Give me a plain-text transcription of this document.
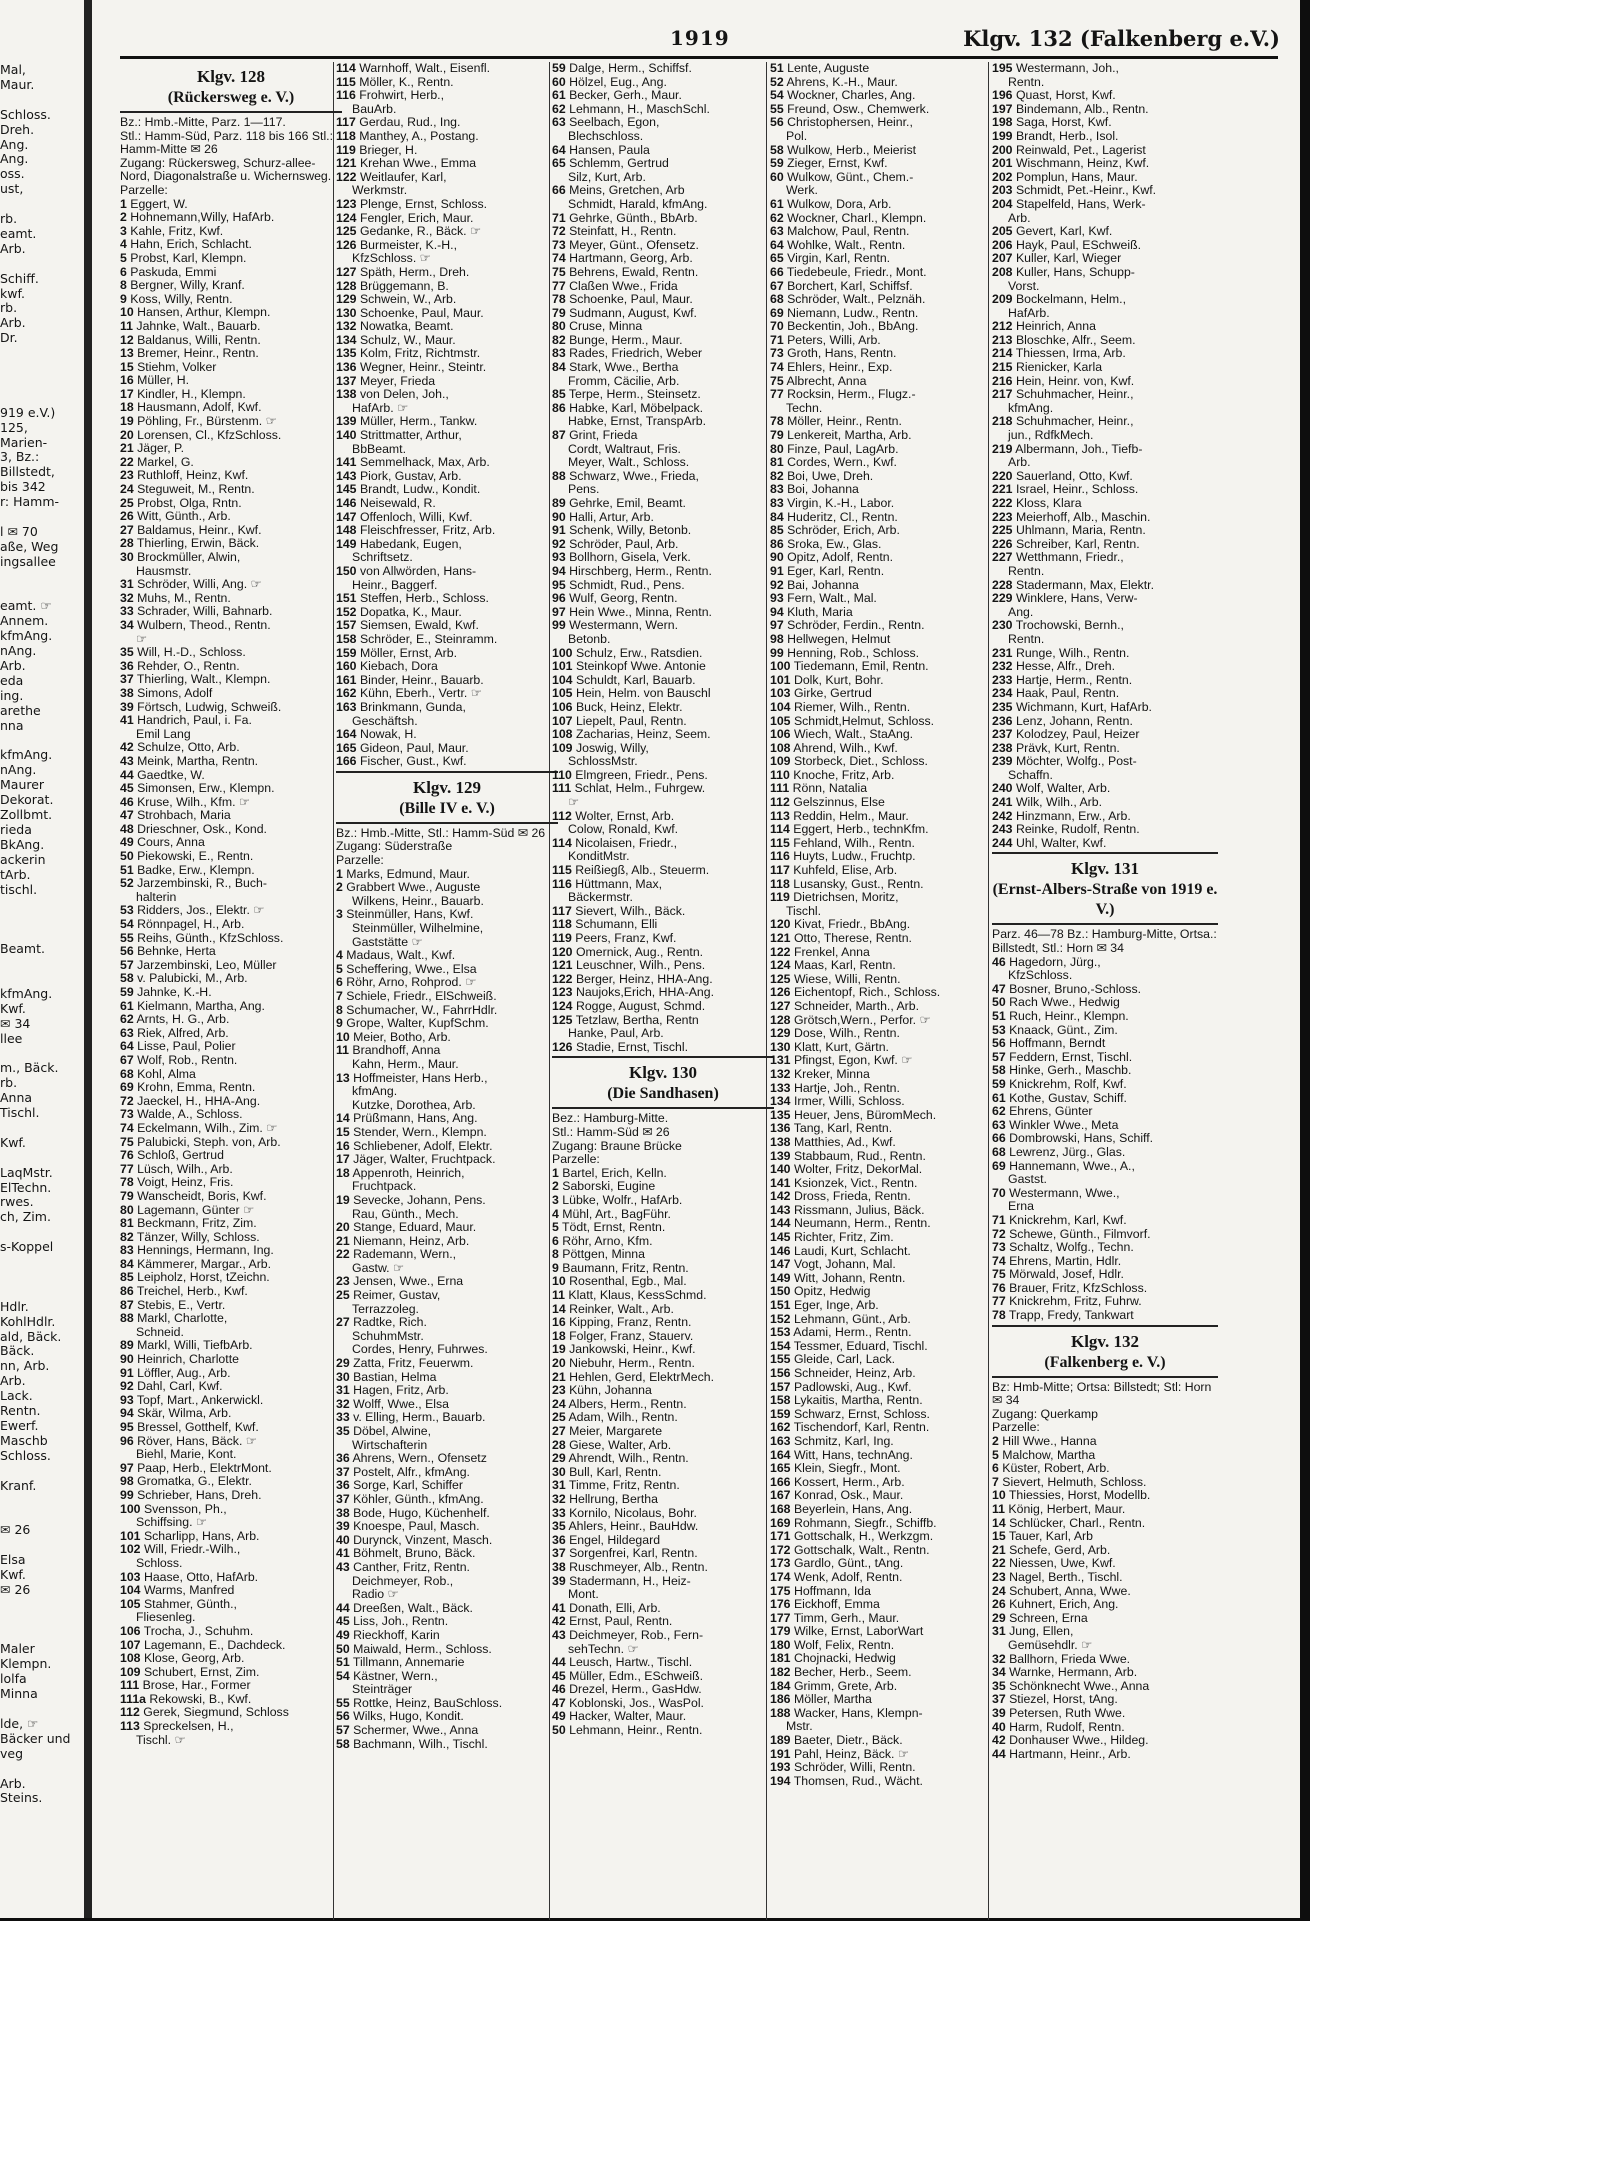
Mal,
Maur.
Schloss.
Dreh.
Ang.
Ang.
oss.
ust,
rb.
eamt.
Arb.
Schiff.
kwf.
rb.
Arb.
Dr.
919 e.V.)
125,
Marien-
3, Bz.:
Billstedt,
bis 342
r: Hamm-
l ✉ 70
aße, Weg
ingsallee
eamt. ☞
Annem.
kfmAng.
nAng.
Arb.
eda
ing.
arethe
nna
kfmAng.
nAng.
Maurer
Dekorat.
Zollbmt.
rieda
BkAng.
ackerin
tArb.
tischl.
Beamt.
kfmAng.
Kwf.
✉ 34
llee
m., Bäck.
rb.
Anna
Tischl.
Kwf.
LaqMstr.
ElTechn.
rwes.
ch, Zim.
s-Koppel
Hdlr.
KohlHdlr.
ald, Bäck.
Bäck.
nn, Arb.
Arb.
Lack.
Rentn.
Ewerf.
Maschb
Schloss.
Kranf.
✉ 26
Elsa
Kwf.
✉ 26
Maler
Klempn.
lolfa
Minna
lde, ☞
Bäcker und
veg
Arb.
Steins.
1919	Klgv. 132 (Falkenberg e.V.)
Klgv. 128
(Rückersweg e. V.)
Bz.: Hmb.-Mitte, Parz. 1—117.
Stl.: Hamm-Süd, Parz. 118 bis 166 Stl.: Hamm-Mitte ✉ 26
Zugang: Rückersweg, Schurz-allee-Nord, Diagonalstraße u. Wichernsweg.
Parzelle:
1 Eggert, W.
2 Hohnemann,Willy, HafArb.
3 Kahle, Fritz, Kwf.
4 Hahn, Erich, Schlacht.
5 Probst, Karl, Klempn.
6 Paskuda, Emmi
8 Bergner, Willy, Kranf.
9 Koss, Willy, Rentn.
10 Hansen, Arthur, Klempn.
11 Jahnke, Walt., Bauarb.
12 Baldanus, Willi, Rentn.
13 Bremer, Heinr., Rentn.
15 Stiehm, Volker
16 Müller, H.
17 Kindler, H., Klempn.
18 Hausmann, Adolf, Kwf.
19 Pöhling, Fr., Bürstenm. ☞
20 Lorensen, Cl., KfzSchloss.
21 Jäger, P.
22 Markel, G.
23 Ruthloff, Heinz, Kwf.
24 Steguweit, M., Rentn.
25 Probst, Olga, Rntn.
26 Witt, Günth., Arb.
27 Baldamus, Heinr., Kwf.
28 Thierling, Erwin, Bäck.
30 Brockmüller, Alwin,
Hausmstr.
31 Schröder, Willi, Ang. ☞
32 Muhs, M., Rentn.
33 Schrader, Willi, Bahnarb.
34 Wulbern, Theod., Rentn.
☞
35 Will, H.-D., Schloss.
36 Rehder, O., Rentn.
37 Thierling, Walt., Klempn.
38 Simons, Adolf
39 Förtsch, Ludwig, Schweiß.
41 Handrich, Paul, i. Fa.
Emil Lang
42 Schulze, Otto, Arb.
43 Meink, Martha, Rentn.
44 Gaedtke, W.
45 Simonsen, Erw., Klempn.
46 Kruse, Wilh., Kfm. ☞
47 Strohbach, Maria
48 Drieschner, Osk., Kond.
49 Cours, Anna
50 Piekowski, E., Rentn.
51 Badke, Erw., Klempn.
52 Jarzembinski, R., Buch-
halterin
53 Ridders, Jos., Elektr. ☞
54 Rönnpagel, H., Arb.
55 Reihs, Günth., KfzSchloss.
56 Behnke, Herta
57 Jarzembinski, Leo, Müller
58 v. Palubicki, M., Arb.
59 Jahnke, K.-H.
61 Kielmann, Martha, Ang.
62 Arnts, H. G., Arb.
63 Riek, Alfred, Arb.
64 Lisse, Paul, Polier
67 Wolf, Rob., Rentn.
68 Kohl, Alma
69 Krohn, Emma, Rentn.
72 Jaeckel, H., HHA-Ang.
73 Walde, A., Schloss.
74 Eckelmann, Wilh., Zim. ☞
75 Palubicki, Steph. von, Arb.
76 Schloß, Gertrud
77 Lüsch, Wilh., Arb.
78 Voigt, Heinz, Fris.
79 Wanscheidt, Boris, Kwf.
80 Lagemann, Günter ☞
81 Beckmann, Fritz, Zim.
82 Tänzer, Willy, Schloss.
83 Hennings, Hermann, Ing.
84 Kämmerer, Margar., Arb.
85 Leipholz, Horst, tZeichn.
86 Treichel, Herb., Kwf.
87 Stebis, E., Vertr.
88 Markl, Charlotte,
Schneid.
89 Markl, Willi, TiefbArb.
90 Heinrich, Charlotte
91 Löffler, Aug., Arb.
92 Dahl, Carl, Kwf.
93 Topf, Mart., Ankerwickl.
94 Skär, Wilma, Arb.
95 Bressel, Gotthelf, Kwf.
96 Röver, Hans, Bäck. ☞
Biehl, Marie, Kont.
97 Paap, Herb., ElektrMont.
98 Gromatka, G., Elektr.
99 Schrieber, Hans, Dreh.
100 Svensson, Ph.,
Schiffsing. ☞
101 Scharlipp, Hans, Arb.
102 Will, Friedr.-Wilh.,
Schloss.
103 Haase, Otto, HafArb.
104 Warms, Manfred
105 Stahmer, Günth.,
Fliesenleg.
106 Trocha, J., Schuhm.
107 Lagemann, E., Dachdeck.
108 Klose, Georg, Arb.
109 Schubert, Ernst, Zim.
111 Brose, Har., Former
111a Rekowski, B., Kwf.
112 Gerek, Siegmund, Schloss
113 Spreckelsen, H.,
Tischl. ☞
114 Warnhoff, Walt., Eisenfl.
115 Möller, K., Rentn.
116 Frohwirt, Herb.,
BauArb.
117 Gerdau, Rud., Ing.
118 Manthey, A., Postang.
119 Brieger, H.
121 Krehan Wwe., Emma
122 Weitlaufer, Karl,
Werkmstr.
123 Plenge, Ernst, Schloss.
124 Fengler, Erich, Maur.
125 Gedanke, R., Bäck. ☞
126 Burmeister, K.-H.,
KfzSchloss. ☞
127 Späth, Herm., Dreh.
128 Brüggemann, B.
129 Schwein, W., Arb.
130 Schoenke, Paul, Maur.
132 Nowatka, Beamt.
134 Schulz, W., Maur.
135 Kolm, Fritz, Richtmstr.
136 Wegner, Heinr., Steintr.
137 Meyer, Frieda
138 von Delen, Joh.,
HafArb. ☞
139 Müller, Herm., Tankw.
140 Strittmatter, Arthur,
BbBeamt.
141 Semmelhack, Max, Arb.
143 Piork, Gustav, Arb.
145 Brandt, Ludw., Kondit.
146 Neisewald, R.
147 Offenloch, Willi, Kwf.
148 Fleischfresser, Fritz, Arb.
149 Habedank, Eugen,
Schriftsetz.
150 von Allwörden, Hans-
Heinr., Baggerf.
151 Steffen, Herb., Schloss.
152 Dopatka, K., Maur.
157 Siemsen, Ewald, Kwf.
158 Schröder, E., Steinramm.
159 Möller, Ernst, Arb.
160 Kiebach, Dora
161 Binder, Heinr., Bauarb.
162 Kühn, Eberh., Vertr. ☞
163 Brinkmann, Gunda,
Geschäftsh.
164 Nowak, H.
165 Gideon, Paul, Maur.
166 Fischer, Gust., Kwf.
Klgv. 129
(Bille IV e. V.)
Bz.: Hmb.-Mitte, Stl.: Hamm-Süd ✉ 26
Zugang: Süderstraße
Parzelle:
1 Marks, Edmund, Maur.
2 Grabbert Wwe., Auguste
Wilkens, Heinr., Bauarb.
3 Steinmüller, Hans, Kwf.
Steinmüller, Wilhelmine,
Gaststätte ☞
4 Madaus, Walt., Kwf.
5 Scheffering, Wwe., Elsa
6 Röhr, Arno, Rohprod. ☞
7 Schiele, Friedr., ElSchweiß.
8 Schumacher, W., FahrrHdlr.
9 Grope, Walter, KupfSchm.
10 Meier, Botho, Arb.
11 Brandhoff, Anna
Kahn, Herm., Maur.
13 Hoffmeister, Hans Herb.,
kfmAng.
Kutzke, Dorothea, Arb.
14 Prüßmann, Hans, Ang.
15 Stender, Wern., Klempn.
16 Schliebener, Adolf, Elektr.
17 Jäger, Walter, Fruchtpack.
18 Appenroth, Heinrich,
Fruchtpack.
19 Sevecke, Johann, Pens.
Rau, Günth., Mech.
20 Stange, Eduard, Maur.
21 Niemann, Heinz, Arb.
22 Rademann, Wern.,
Gastw. ☞
23 Jensen, Wwe., Erna
25 Reimer, Gustav,
Terrazzoleg.
27 Radtke, Rich.
SchuhmMstr.
Cordes, Henry, Fuhrwes.
29 Zatta, Fritz, Feuerwm.
30 Bastian, Helma
31 Hagen, Fritz, Arb.
32 Wolff, Wwe., Elsa
33 v. Elling, Herm., Bauarb.
35 Döbel, Alwine,
Wirtschafterin
36 Ahrens, Wern., Ofensetz
37 Postelt, Alfr., kfmAng.
36 Sorge, Karl, Schiffer
37 Köhler, Günth., kfmAng.
38 Bode, Hugo, Küchenhelf.
39 Knoespe, Paul, Masch.
40 Durynck, Vinzent, Masch.
41 Böhmelt, Bruno, Bäck.
43 Canther, Fritz, Rentn.
Deichmeyer, Rob.,
Radio ☞
44 Dreeßen, Walt., Bäck.
45 Liss, Joh., Rentn.
49 Rieckhoff, Karin
50 Maiwald, Herm., Schloss.
51 Tillmann, Annemarie
54 Kästner, Wern.,
Steinträger
55 Rottke, Heinz, BauSchloss.
56 Wilks, Hugo, Kondit.
57 Schermer, Wwe., Anna
58 Bachmann, Wilh., Tischl.
59 Dalge, Herm., Schiffsf.
60 Hölzel, Eug., Ang.
61 Becker, Gerh., Maur.
62 Lehmann, H., MaschSchl.
63 Seelbach, Egon,
Blechschloss.
64 Hansen, Paula
65 Schlemm, Gertrud
Silz, Kurt, Arb.
66 Meins, Gretchen, Arb
Schmidt, Harald, kfmAng.
71 Gehrke, Günth., BbArb.
72 Steinfatt, H., Rentn.
73 Meyer, Günt., Ofensetz.
74 Hartmann, Georg, Arb.
75 Behrens, Ewald, Rentn.
77 Claßen Wwe., Frida
78 Schoenke, Paul, Maur.
79 Sudmann, August, Kwf.
80 Cruse, Minna
82 Bunge, Herm., Maur.
83 Rades, Friedrich, Weber
84 Stark, Wwe., Bertha
Fromm, Cäcilie, Arb.
85 Terpe, Herm., Steinsetz.
86 Habke, Karl, Möbelpack.
Habke, Ernst, TranspArb.
87 Grint, Frieda
Cordt, Waltraut, Fris.
Meyer, Walt., Schloss.
88 Schwarz, Wwe., Frieda,
Pens.
89 Gehrke, Emil, Beamt.
90 Halli, Artur, Arb.
91 Schenk, Willy, Betonb.
92 Schröder, Paul, Arb.
93 Bollhorn, Gisela, Verk.
94 Hirschberg, Herm., Rentn.
95 Schmidt, Rud., Pens.
96 Wulf, Georg, Rentn.
97 Hein Wwe., Minna, Rentn.
99 Westermann, Wern.
Betonb.
100 Schulz, Erw., Ratsdien.
101 Steinkopf Wwe. Antonie
104 Schuldt, Karl, Bauarb.
105 Hein, Helm. von Bauschl
106 Buck, Heinz, Elektr.
107 Liepelt, Paul, Rentn.
108 Zacharias, Heinz, Seem.
109 Joswig, Willy,
SchlossMstr.
110 Elmgreen, Friedr., Pens.
111 Schlat, Helm., Fuhrgew.
☞
112 Wolter, Ernst, Arb.
Colow, Ronald, Kwf.
114 Nicolaisen, Friedr.,
KonditMstr.
115 Reißiegß, Alb., Steuerm.
116 Hüttmann, Max,
Bäckermstr.
117 Sievert, Wilh., Bäck.
118 Schumann, Elli
119 Peers, Franz, Kwf.
120 Omernick, Aug., Rentn.
121 Leuschner, Wilh., Pens.
122 Berger, Heinz, HHA-Ang.
123 Naujoks,Erich, HHA-Ang.
124 Rogge, August, Schmd.
125 Tetzlaw, Bertha, Rentn
Hanke, Paul, Arb.
126 Stadie, Ernst, Tischl.
Klgv. 130
(Die Sandhasen)
Bez.: Hamburg-Mitte.
Stl.: Hamm-Süd ✉ 26
Zugang: Braune Brücke
Parzelle:
1 Bartel, Erich, Kelln.
2 Saborski, Eugine
3 Lübke, Wolfr., HafArb.
4 Mühl, Art., BagFühr.
5 Tödt, Ernst, Rentn.
6 Röhr, Arno, Kfm.
8 Pöttgen, Minna
9 Baumann, Fritz, Rentn.
10 Rosenthal, Egb., Mal.
11 Klatt, Klaus, KessSchmd.
14 Reinker, Walt., Arb.
16 Kipping, Franz, Rentn.
18 Folger, Franz, Stauerv.
19 Jankowski, Heinr., Kwf.
20 Niebuhr, Herm., Rentn.
21 Hehlen, Gerd, ElektrMech.
23 Kühn, Johanna
24 Albers, Herm., Rentn.
25 Adam, Wilh., Rentn.
27 Meier, Margarete
28 Giese, Walter, Arb.
29 Ahrendt, Wilh., Rentn.
30 Bull, Karl, Rentn.
31 Timme, Fritz, Rentn.
32 Hellrung, Bertha
33 Kornilo, Nicolaus, Bohr.
35 Ahlers, Heinr., BauHdw.
36 Engel, Hildegard
37 Sorgenfrei, Karl, Rentn.
38 Ruschmeyer, Alb., Rentn.
39 Stadermann, H., Heiz-
Mont.
41 Donath, Elli, Arb.
42 Ernst, Paul, Rentn.
43 Deichmeyer, Rob., Fern-
sehTechn. ☞
44 Leusch, Hartw., Tischl.
45 Müller, Edm., ESchweiß.
46 Drezel, Herm., GasHdw.
47 Koblonski, Jos., WasPol.
49 Hacker, Walter, Maur.
50 Lehmann, Heinr., Rentn.
51 Lente, Auguste
52 Ahrens, K.-H., Maur.
54 Wockner, Charles, Ang.
55 Freund, Osw., Chemwerk.
56 Christophersen, Heinr.,
Pol.
58 Wulkow, Herb., Meierist
59 Zieger, Ernst, Kwf.
60 Wulkow, Günt., Chem.-
Werk.
61 Wulkow, Dora, Arb.
62 Wockner, Charl., Klempn.
63 Malchow, Paul, Rentn.
64 Wohlke, Walt., Rentn.
65 Virgin, Karl, Rentn.
66 Tiedebeule, Friedr., Mont.
67 Borchert, Karl, Schiffsf.
68 Schröder, Walt., Pelznäh.
69 Niemann, Ludw., Rentn.
70 Beckentin, Joh., BbAng.
71 Peters, Willi, Arb.
73 Groth, Hans, Rentn.
74 Ehlers, Heinr., Exp.
75 Albrecht, Anna
77 Rocksin, Herm., Flugz.-
Techn.
78 Möller, Heinr., Rentn.
79 Lenkereit, Martha, Arb.
80 Finze, Paul, LagArb.
81 Cordes, Wern., Kwf.
82 Boi, Uwe, Dreh.
83 Boi, Johanna
83 Virgin, K.-H., Labor.
84 Huderitz, Cl., Rentn.
85 Schröder, Erich, Arb.
86 Sroka, Ew., Glas.
90 Opitz, Adolf, Rentn.
91 Eger, Karl, Rentn.
92 Bai, Johanna
93 Fern, Walt., Mal.
94 Kluth, Maria
97 Schröder, Ferdin., Rentn.
98 Hellwegen, Helmut
99 Henning, Rob., Schloss.
100 Tiedemann, Emil, Rentn.
101 Dolk, Kurt, Bohr.
103 Girke, Gertrud
104 Riemer, Wilh., Rentn.
105 Schmidt,Helmut, Schloss.
106 Wiech, Walt., StaAng.
108 Ahrend, Wilh., Kwf.
109 Storbeck, Diet., Schloss.
110 Knoche, Fritz, Arb.
111 Rönn, Natalia
112 Gelszinnus, Else
113 Reddin, Helm., Maur.
114 Eggert, Herb., technKfm.
115 Fehland, Wilh., Rentn.
116 Huyts, Ludw., Fruchtp.
117 Kuhfeld, Elise, Arb.
118 Lusansky, Gust., Rentn.
119 Dietrichsen, Moritz,
Tischl.
120 Kivat, Friedr., BbAng.
121 Otto, Therese, Rentn.
122 Frenkel, Anna
124 Maas, Karl, Rentn.
125 Wiese, Willi, Rentn.
126 Eichentopf, Rich., Schloss.
127 Schneider, Marth., Arb.
128 Grötsch,Wern., Perfor. ☞
129 Dose, Wilh., Rentn.
130 Klatt, Kurt, Gärtn.
131 Pfingst, Egon, Kwf. ☞
132 Kreker, Minna
133 Hartje, Joh., Rentn.
134 Irmer, Willi, Schloss.
135 Heuer, Jens, BüromMech.
136 Tang, Karl, Rentn.
138 Matthies, Ad., Kwf.
139 Stabbaum, Rud., Rentn.
140 Wolter, Fritz, DekorMal.
141 Ksionzek, Vict., Rentn.
142 Dross, Frieda, Rentn.
143 Rissmann, Julius, Bäck.
144 Neumann, Herm., Rentn.
145 Richter, Fritz, Zim.
146 Laudi, Kurt, Schlacht.
147 Vogt, Johann, Mal.
149 Witt, Johann, Rentn.
150 Opitz, Hedwig
151 Eger, Inge, Arb.
152 Lehmann, Günt., Arb.
153 Adami, Herm., Rentn.
154 Tessmer, Eduard, Tischl.
155 Gleide, Carl, Lack.
156 Schneider, Heinz, Arb.
157 Padlowski, Aug., Kwf.
158 Lykaitis, Martha, Rentn.
159 Schwarz, Ernst, Schloss.
162 Tischendorf, Karl, Rentn.
163 Schmitz, Karl, Ing.
164 Witt, Hans, technAng.
165 Klein, Siegfr., Mont.
166 Kossert, Herm., Arb.
167 Konrad, Osk., Maur.
168 Beyerlein, Hans, Ang.
169 Rohmann, Siegfr., Schiffb.
171 Gottschalk, H., Werkzgm.
172 Gottschalk, Walt., Rentn.
173 Gardlo, Günt., tAng.
174 Wenk, Adolf, Rentn.
175 Hoffmann, Ida
176 Eickhoff, Emma
177 Timm, Gerh., Maur.
179 Wilke, Ernst, LaborWart
180 Wolf, Felix, Rentn.
181 Chojnacki, Hedwig
182 Becher, Herb., Seem.
184 Grimm, Grete, Arb.
186 Möller, Martha
188 Wacker, Hans, Klempn-
Mstr.
189 Baeter, Dietr., Bäck.
191 Pahl, Heinz, Bäck. ☞
193 Schröder, Willi, Rentn.
194 Thomsen, Rud., Wächt.
195 Westermann, Joh.,
Rentn.
196 Quast, Horst, Kwf.
197 Bindemann, Alb., Rentn.
198 Saga, Horst, Kwf.
199 Brandt, Herb., Isol.
200 Reinwald, Pet., Lagerist
201 Wischmann, Heinz, Kwf.
202 Pomplun, Hans, Maur.
203 Schmidt, Pet.-Heinr., Kwf.
204 Stapelfeld, Hans, Werk-
Arb.
205 Gevert, Karl, Kwf.
206 Hayk, Paul, ESchweiß.
207 Kuller, Karl, Wieger
208 Kuller, Hans, Schupp-
Vorst.
209 Bockelmann, Helm.,
HafArb.
212 Heinrich, Anna
213 Bloschke, Alfr., Seem.
214 Thiessen, Irma, Arb.
215 Rienicker, Karla
216 Hein, Heinr. von, Kwf.
217 Schuhmacher, Heinr.,
kfmAng.
218 Schuhmacher, Heinr.,
jun., RdfkMech.
219 Albermann, Joh., Tiefb-
Arb.
220 Sauerland, Otto, Kwf.
221 Israel, Heinr., Schloss.
222 Kloss, Klara
223 Meierhoff, Alb., Maschin.
225 Uhlmann, Maria, Rentn.
226 Schreiber, Karl, Rentn.
227 Wetthmann, Friedr.,
Rentn.
228 Stadermann, Max, Elektr.
229 Winklere, Hans, Verw-
Ang.
230 Trochowski, Bernh.,
Rentn.
231 Runge, Wilh., Rentn.
232 Hesse, Alfr., Dreh.
233 Hartje, Herm., Rentn.
234 Haak, Paul, Rentn.
235 Wichmann, Kurt, HafArb.
236 Lenz, Johann, Rentn.
237 Kolodzey, Paul, Heizer
238 Prävk, Kurt, Rentn.
239 Möchter, Wolfg., Post-
Schaffn.
240 Wolf, Walter, Arb.
241 Wilk, Wilh., Arb.
242 Hinzmann, Erw., Arb.
243 Reinke, Rudolf, Rentn.
244 Uhl, Walter, Kwf.
Klgv. 131
(Ernst-Albers-Straße von 1919 e. V.)
Parz. 46—78 Bz.: Hamburg-Mitte, Ortsa.: Billstedt, Stl.: Horn ✉ 34
46 Hagedorn, Jürg.,
KfzSchloss.
47 Bosner, Bruno,-Schloss.
50 Rach Wwe., Hedwig
51 Ruch, Heinr., Klempn.
53 Knaack, Günt., Zim.
56 Hoffmann, Berndt
57 Feddern, Ernst, Tischl.
58 Hinke, Gerh., Maschb.
59 Knickrehm, Rolf, Kwf.
61 Kothe, Gustav, Schiff.
62 Ehrens, Günter
63 Winkler Wwe., Meta
66 Dombrowski, Hans, Schiff.
68 Lewrenz, Jürg., Glas.
69 Hannemann, Wwe., A.,
Gastst.
70 Westermann, Wwe.,
Erna
71 Knickrehm, Karl, Kwf.
72 Schewe, Günth., Filmvorf.
73 Schaltz, Wolfg., Techn.
74 Ehrens, Martin, Hdlr.
75 Mörwald, Josef, Hdlr.
76 Brauer, Fritz, KfzSchloss.
77 Knickrehm, Fritz, Fuhrw.
78 Trapp, Fredy, Tankwart
Klgv. 132
(Falkenberg e. V.)
Bz: Hmb-Mitte; Ortsa: Billstedt; Stl: Horn ✉ 34
Zugang: Querkamp
Parzelle:
2 Hill Wwe., Hanna
5 Malchow, Martha
6 Küster, Robert, Arb.
7 Sievert, Helmuth, Schloss.
10 Thiessies, Horst, Modellb.
11 König, Herbert, Maur.
14 Schlücker, Charl., Rentn.
15 Tauer, Karl, Arb
21 Schefe, Gerd, Arb.
22 Niessen, Uwe, Kwf.
23 Nagel, Berth., Tischl.
24 Schubert, Anna, Wwe.
26 Kuhnert, Erich, Ang.
29 Schreen, Erna
31 Jung, Ellen,
Gemüsehdlr. ☞
32 Ballhorn, Frieda Wwe.
34 Warnke, Hermann, Arb.
35 Schönknecht Wwe., Anna
37 Stiezel, Horst, tAng.
39 Petersen, Ruth Wwe.
40 Harm, Rudolf, Rentn.
42 Donhauser Wwe., Hildeg.
44 Hartmann, Heinr., Arb.
